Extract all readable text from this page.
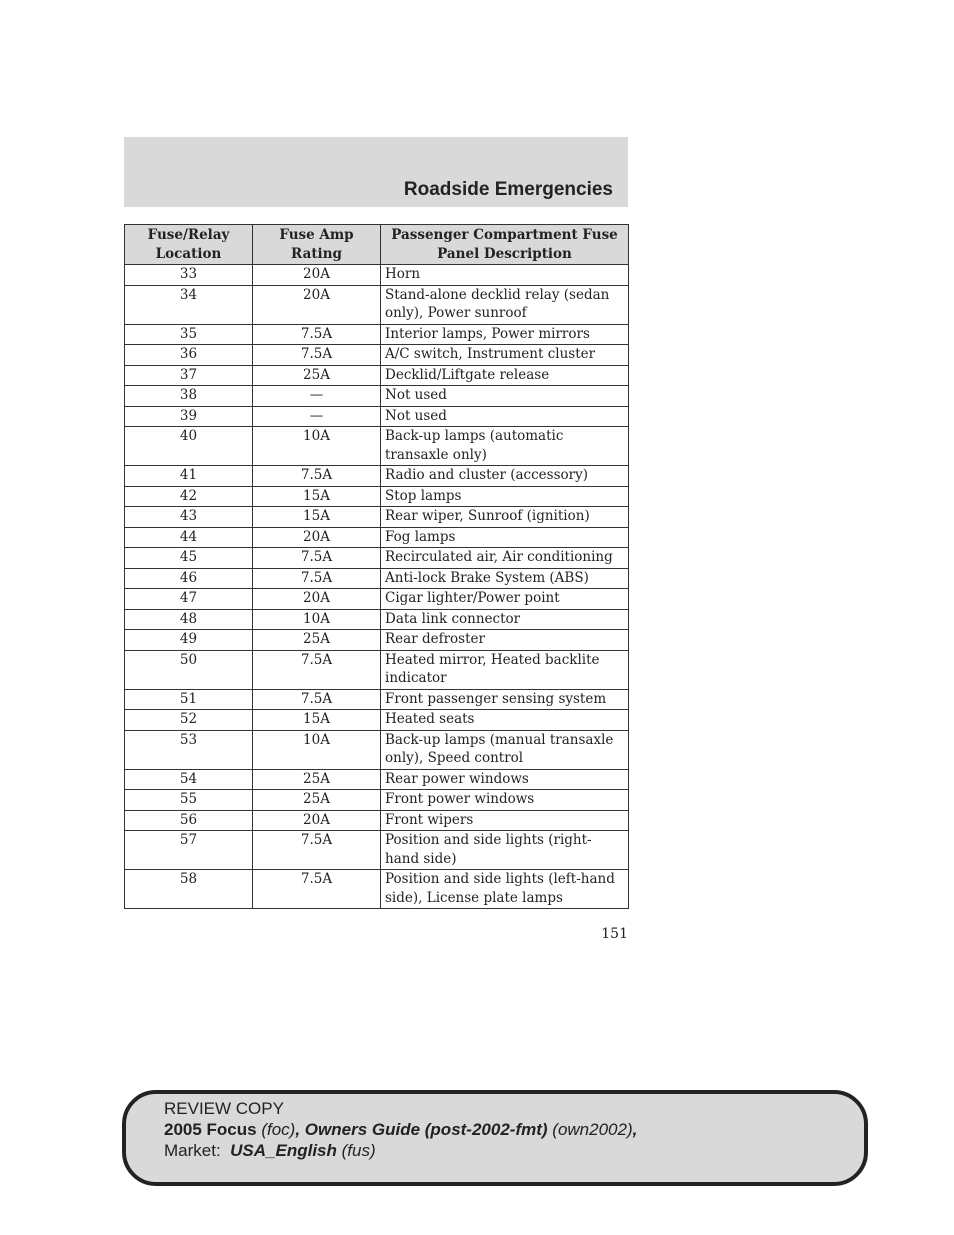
Roadside Emergencies
Fuse/Relay Location	Fuse Amp Rating	Passenger Compartment Fuse Panel Description
33	20A	Horn
34	20A	Stand-alone decklid relay (sedan only), Power sunroof
35	7.5A	Interior lamps, Power mirrors
36	7.5A	A/C switch, Instrument cluster
37	25A	Decklid/Liftgate release
38	—	Not used
39	—	Not used
40	10A	Back-up lamps (automatic transaxle only)
41	7.5A	Radio and cluster (accessory)
42	15A	Stop lamps
43	15A	Rear wiper, Sunroof (ignition)
44	20A	Fog lamps
45	7.5A	Recirculated air, Air conditioning
46	7.5A	Anti-lock Brake System (ABS)
47	20A	Cigar lighter/Power point
48	10A	Data link connector
49	25A	Rear defroster
50	7.5A	Heated mirror, Heated backlite indicator
51	7.5A	Front passenger sensing system
52	15A	Heated seats
53	10A	Back-up lamps (manual transaxle only), Speed control
54	25A	Rear power windows
55	25A	Front power windows
56	20A	Front wipers
57	7.5A	Position and side lights (right-hand side)
58	7.5A	Position and side lights (left-hand side), License plate lamps
151
REVIEW COPY
2005 Focus (foc), Owners Guide (post-2002-fmt) (own2002),
Market: USA_English (fus)
